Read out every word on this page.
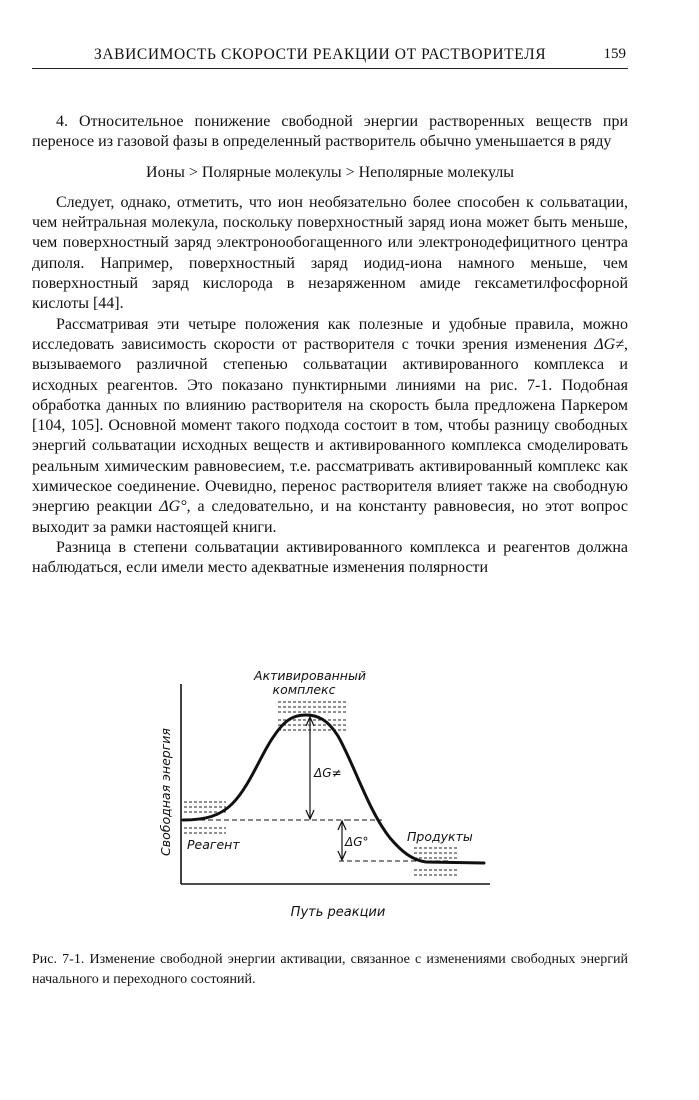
ЗАВИСИМОСТЬ СКОРОСТИ РЕАКЦИИ ОТ РАСТВОРИТЕЛЯ	159

4. Относительное понижение свободной энергии растворенных веществ при переносе из газовой фазы в определенный растворитель обычно уменьшается в ряду

Ионы > Полярные молекулы > Неполярные молекулы

Следует, однако, отметить, что ион необязательно более способен к сольватации, чем нейтральная молекула, поскольку поверхностный заряд иона может быть меньше, чем поверхностный заряд электронообогащенного или электронодефицитного центра диполя. Например, поверхностный заряд иодид-иона намного меньше, чем поверхностный заряд кислорода в незаряженном амиде гексаметилфосфорной кислоты [44].

Рассматривая эти четыре положения как полезные и удобные правила, можно исследовать зависимость скорости от растворителя с точки зрения изменения ΔG≠, вызываемого различной степенью сольватации активированного комплекса и исходных реагентов. Это показано пунктирными линиями на рис. 7-1. Подобная обработка данных по влиянию растворителя на скорость была предложена Паркером [104, 105]. Основной момент такого подхода состоит в том, чтобы разницу свободных энергий сольватации исходных веществ и активированного комплекса смоделировать реальным химическим равновесием, т.е. рассматривать активированный комплекс как химическое соединение. Очевидно, перенос растворителя влияет также на свободную энергию реакции ΔG°, а следовательно, и на константу равновесия, но этот вопрос выходит за рамки настоящей книги.

Разница в степени сольватации активированного комплекса и реагентов должна наблюдаться, если имели место адекватные изменения полярности

Активированный
комплекс
ΔG≠
ΔG°
Реагент
Продукты
Свободная энергия
Путь реакции
Рис. 7-1. Изменение свободной энергии активации, связанное с изменениями свободных энергий начального и переходного состояний.
